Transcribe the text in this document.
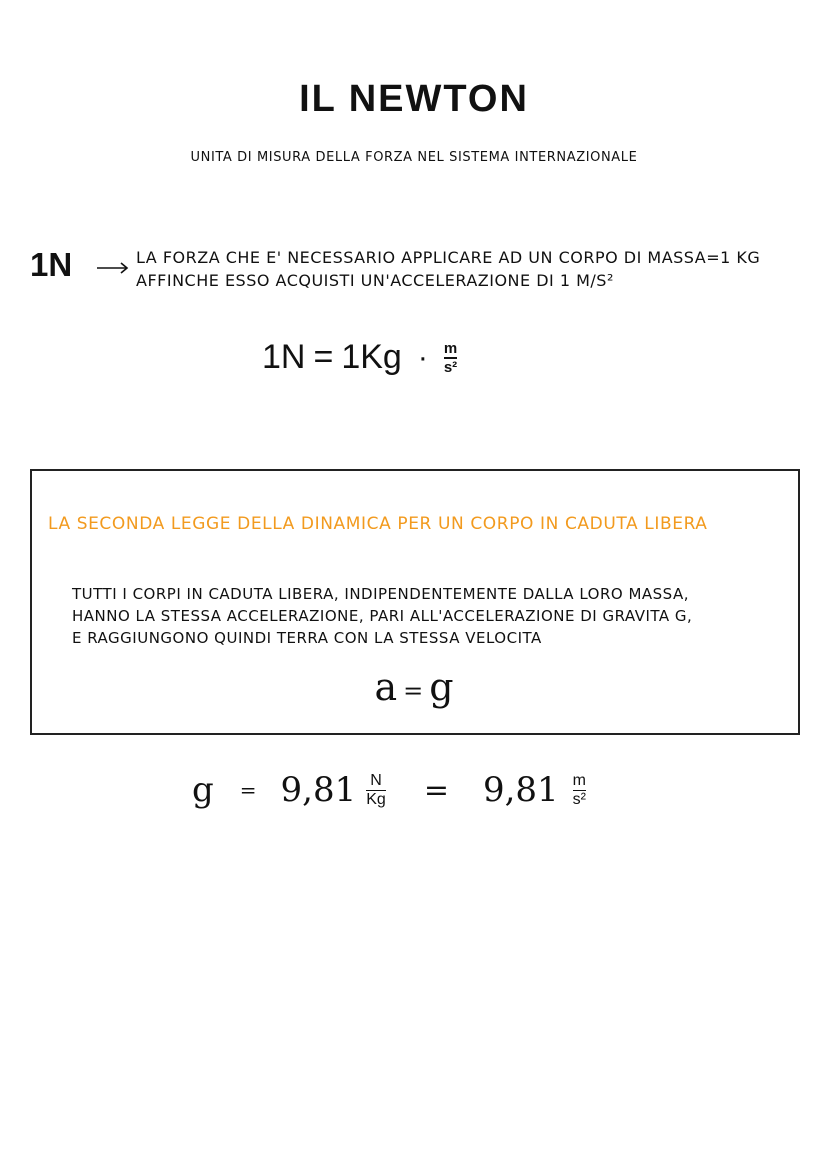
IL NEWTON
UNITA DI MISURA DELLA FORZA NEL SISTEMA INTERNAZIONALE
1N	LA FORZA CHE E' NECESSARIO APPLICARE AD UN CORPO DI MASSA=1 KG
AFFINCHE ESSO ACQUISTI UN'ACCELERAZIONE DI 1 M/S²
$1N = 1Kg \cdot \frac{m}{\text{s²}}$
LA SECONDA LEGGE DELLA DINAMICA PER UN CORPO IN CADUTA LIBERA
TUTTI I CORPI IN CADUTA LIBERA, INDIPENDENTEMENTE DALLA LORO MASSA,
HANNO LA STESSA ACCELERAZIONE, PARI ALL'ACCELERAZIONE DI GRAVITA G,
E RAGGIUNGONO QUINDI TERRA CON LA STESSA VELOCITA
a = g
$g = 9,81 \frac{N}{Kg} = 9,81 \frac{m}{\text{s²}}$
